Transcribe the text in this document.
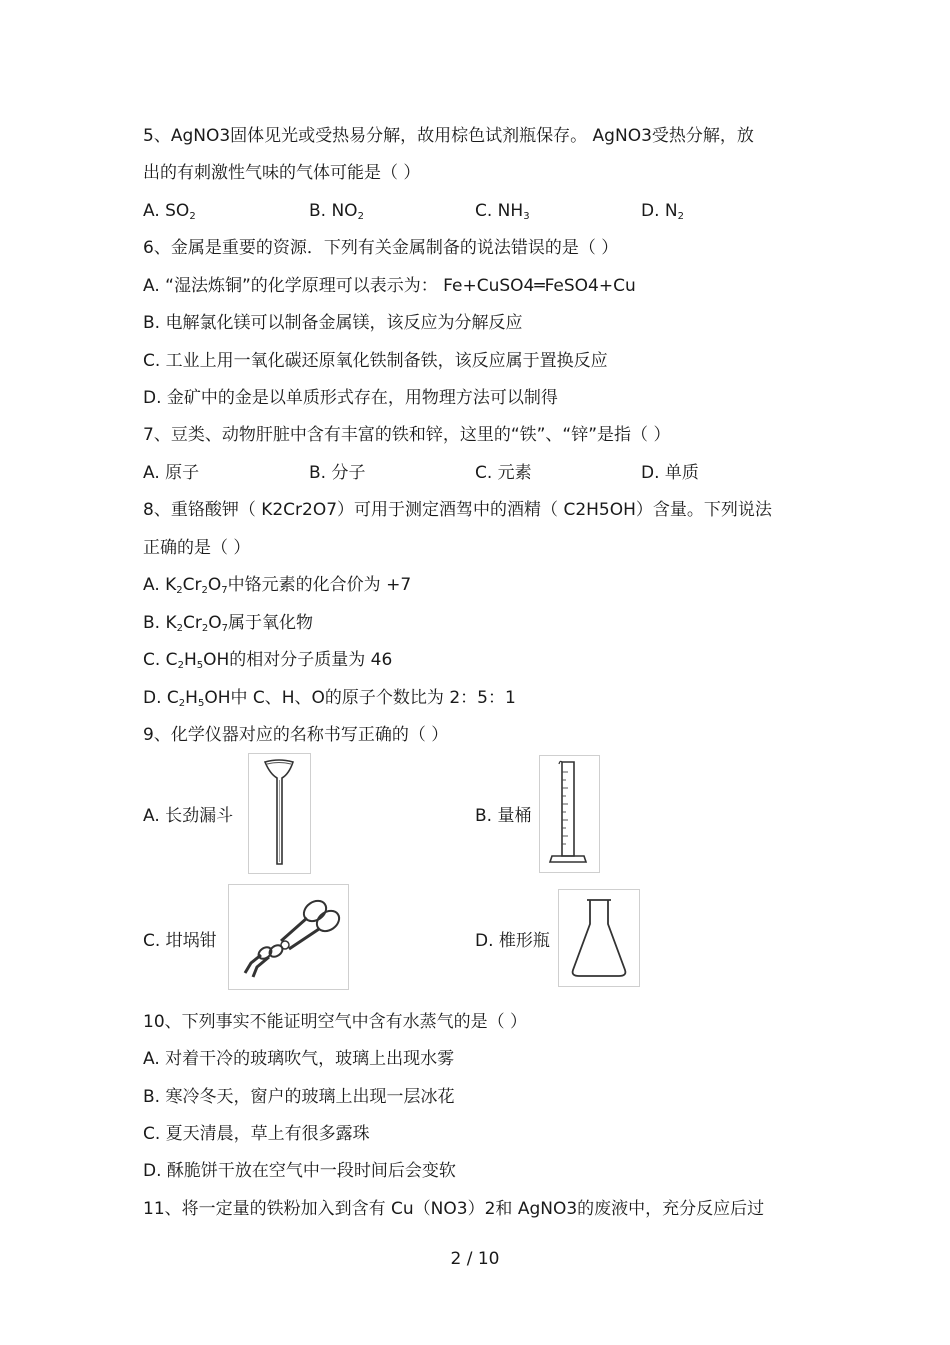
5、AgNO3固体见光或受热易分解，故用棕色试剂瓶保存。 AgNO3受热分解，放
出的有刺激性气味的气体可能是（ ）
A. $SO_2$	B. $NO_2$	C. $NH_3$	D. $N_2$
6、金属是重要的资源．下列有关金属制备的说法错误的是（ ）
A. “湿法炼铜”的化学原理可以表示为： Fe+CuSO4═FeSO4+Cu
B. 电解氯化镁可以制备金属镁，该反应为分解反应
C. 工业上用一氧化碳还原氧化铁制备铁，该反应属于置换反应
D. 金矿中的金是以单质形式存在，用物理方法可以制得
7、豆类、动物肝脏中含有丰富的铁和锌，这里的“铁”、“锌”是指（ ）
A. 原子	B. 分子	C. 元素	D. 单质
8、重铬酸钾（ K2Cr2O7）可用于测定酒驾中的酒精（ C2H5OH）含量。下列说法
正确的是（ ）
A. $K_2Cr_2O_7$中铬元素的化合价为 +7
B. $K_2Cr_2O_7$属于氧化物
C. $C_2H_5OH$的相对分子质量为 46
D. $C_2H_5OH$中 C、H、O的原子个数比为 2：5：1
9、化学仪器对应的名称书写正确的（ ）
A. 长劲漏斗	B. 量桶
C. 坩埚钳	D. 椎形瓶
10、下列事实不能证明空气中含有水蒸气的是（ ）
A. 对着干冷的玻璃吹气，玻璃上出现水雾
B. 寒冷冬天，窗户的玻璃上出现一层冰花
C. 夏天清晨，草上有很多露珠
D. 酥脆饼干放在空气中一段时间后会变软
11、将一定量的铁粉加入到含有 Cu（NO3）2和 AgNO3的废液中，充分反应后过
2 / 10
